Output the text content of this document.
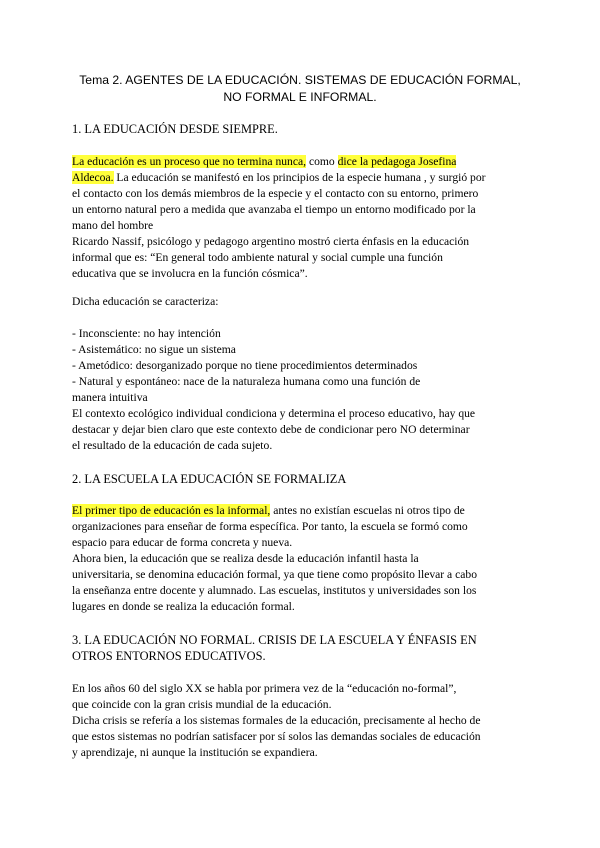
Tema 2. AGENTES DE LA EDUCACIÓN. SISTEMAS DE EDUCACIÓN FORMAL,
NO FORMAL E INFORMAL.
1. LA EDUCACIÓN DESDE SIEMPRE.
La educación es un proceso que no termina nunca, como dice la pedagoga Josefina
Aldecoa. La educación se manifestó en los principios de la especie humana , y surgió por
el contacto con los demás miembros de la especie y el contacto con su entorno, primero
un entorno natural pero a medida que avanzaba el tiempo un entorno modificado por la
mano del hombre
Ricardo Nassif, psicólogo y pedagogo argentino mostró cierta énfasis en la educación
informal que es: “En general todo ambiente natural y social cumple una función
educativa que se involucra en la función cósmica”.
Dicha educación se caracteriza:
- Inconsciente: no hay intención
- Asistemático: no sigue un sistema
- Ametódico: desorganizado porque no tiene procedimientos determinados
- Natural y espontáneo: nace de la naturaleza humana como una función de
manera intuitiva
El contexto ecológico individual condiciona y determina el proceso educativo, hay que
destacar y dejar bien claro que este contexto debe de condicionar pero NO determinar
el resultado de la educación de cada sujeto.
2. LA ESCUELA LA EDUCACIÓN SE FORMALIZA
El primer tipo de educación es la informal, antes no existían escuelas ni otros tipo de
organizaciones para enseñar de forma específica. Por tanto, la escuela se formó como
espacio para educar de forma concreta y nueva.
Ahora bien, la educación que se realiza desde la educación infantil hasta la
universitaria, se denomina educación formal, ya que tiene como propósito llevar a cabo
la enseñanza entre docente y alumnado. Las escuelas, institutos y universidades son los
lugares en donde se realiza la educación formal.
3. LA EDUCACIÓN NO FORMAL. CRISIS DE LA ESCUELA Y ÉNFASIS EN
OTROS ENTORNOS EDUCATIVOS.
En los años 60 del siglo XX se habla por primera vez de la “educación no-formal”,
que coincide con la gran crisis mundial de la educación.
Dicha crisis se refería a los sistemas formales de la educación, precisamente al hecho de
que estos sistemas no podrían satisfacer por sí solos las demandas sociales de educación
y aprendizaje, ni aunque la institución se expandiera.
